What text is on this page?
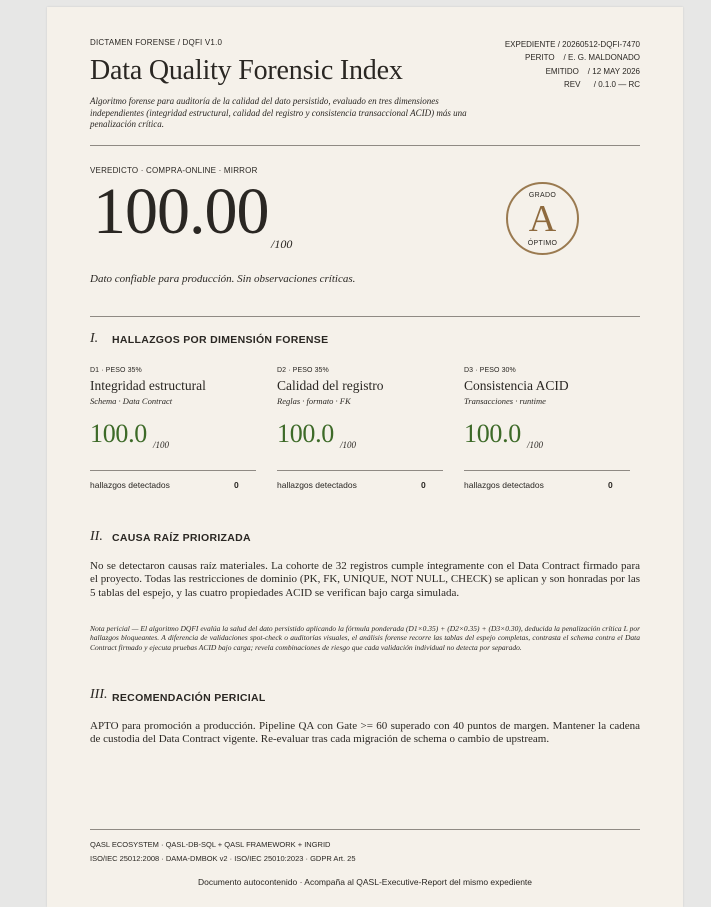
DICTAMEN FORENSE / DQFI V1.0
Data Quality Forensic Index
Algoritmo forense para auditoría de la calidad del dato persistido, evaluado en tres dimensiones independientes (integridad estructural, calidad del registro y consistencia transaccional ACID) más una penalización crítica.
EXPEDIENTE / 20260512-DQFI-7470
PERITO    / E. G. MALDONADO
EMITIDO    / 12 MAY 2026
REV      / 0.1.0 — RC
VEREDICTO · COMPRA-ONLINE · MIRROR
100.00 /100
Dato confiable para producción. Sin observaciones críticas.
GRADO
A
ÓPTIMO
I. HALLAZGOS POR DIMENSIÓN FORENSE
D1 · PESO 35%
Integridad estructural
Schema · Data Contract
100.0 /100
hallazgos detectados	0
D2 · PESO 35%
Calidad del registro
Reglas · formato · FK
100.0 /100
hallazgos detectados	0
D3 · PESO 30%
Consistencia ACID
Transacciones · runtime
100.0 /100
hallazgos detectados	0
II. CAUSA RAÍZ PRIORIZADA
No se detectaron causas raíz materiales. La cohorte de 32 registros cumple íntegramente con el Data Contract firmado para el proyecto. Todas las restricciones de dominio (PK, FK, UNIQUE, NOT NULL, CHECK) se aplican y son honradas por las 5 tablas del espejo, y las cuatro propiedades ACID se verifican bajo carga simulada.
Nota pericial — El algoritmo DQFI evalúa la salud del dato persistido aplicando la fórmula ponderada (D1×0.35) + (D2×0.35) + (D3×0.30), deducida la penalización crítica L por hallazgos bloqueantes. A diferencia de validaciones spot-check o auditorías visuales, el análisis forense recorre las tablas del espejo completas, contrasta el schema contra el Data Contract firmado y ejecuta pruebas ACID bajo carga; revela combinaciones de riesgo que cada validación individual no detecta por separado.
III. RECOMENDACIÓN PERICIAL
APTO para promoción a producción. Pipeline QA con Gate >= 60 superado con 40 puntos de margen. Mantener la cadena de custodia del Data Contract vigente. Re-evaluar tras cada migración de schema o cambio de upstream.
QASL ECOSYSTEM · QASL-DB-SQL + QASL FRAMEWORK + INGRID
ISO/IEC 25012:2008 · DAMA-DMBOK v2 · ISO/IEC 25010:2023 · GDPR Art. 25
Documento autocontenido · Acompaña al QASL-Executive-Report del mismo expediente
